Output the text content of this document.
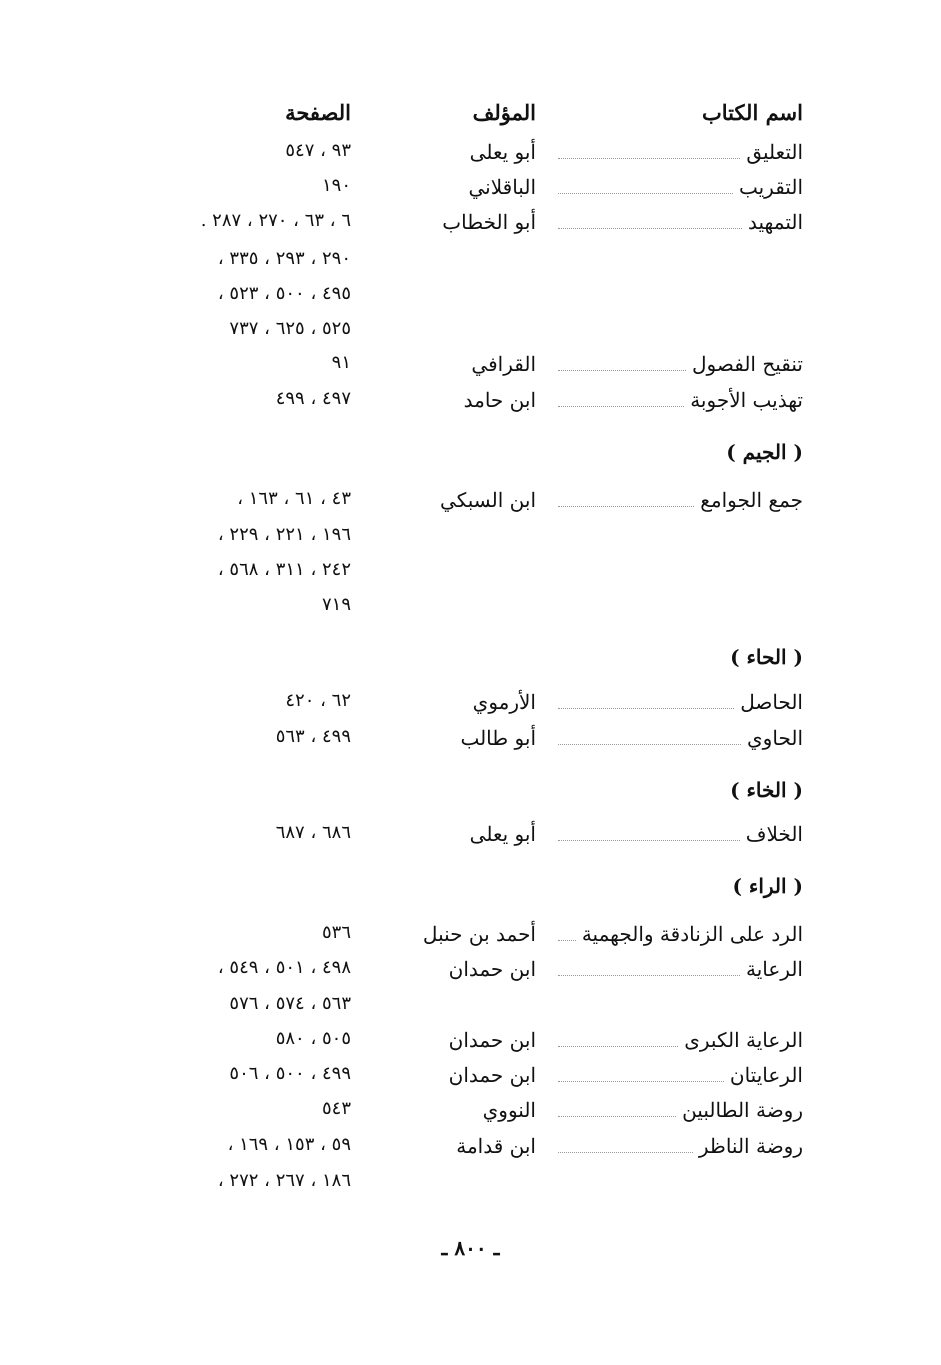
اسم الكتاب
المؤلف
الصفحة
التعليق
أبو يعلى
٩٣ ، ٥٤٧
التقريب
الباقلاني
١٩٠
التمهيد
أبو الخطاب
٦ ، ٦٣ ، ٢٧٠ ، ٢٨٧ .
٢٩٠ ، ٢٩٣ ، ٣٣٥ ،
٤٩٥ ، ٥٠٠ ، ٥٢٣ ،
٥٢٥ ، ٦٢٥ ، ٧٣٧
تنقيح الفصول
القرافي
٩١
تهذيب الأجوبة
ابن حامد
٤٩٧ ، ٤٩٩
( الجيم )
جمع الجوامع
ابن السبكي
٤٣ ، ٦١ ، ١٦٣ ،
١٩٦ ، ٢٢١ ، ٢٢٩ ،
٢٤٢ ، ٣١١ ، ٥٦٨ ،
٧١٩
( الحاء )
الحاصل
الأرموي
٦٢ ، ٤٢٠
الحاوي
أبو طالب
٤٩٩ ، ٥٦٣
( الخاء )
الخلاف
أبو يعلى
٦٨٦ ، ٦٨٧
( الراء )
الرد على الزنادقة والجهمية
أحمد بن حنبل
٥٣٦
الرعاية
ابن حمدان
٤٩٨ ، ٥٠١ ، ٥٤٩ ،
٥٦٣ ، ٥٧٤ ، ٥٧٦
الرعاية الكبرى
ابن حمدان
٥٠٥ ، ٥٨٠
الرعايتان
ابن حمدان
٤٩٩ ، ٥٠٠ ، ٥٠٦
روضة الطالبين
النووي
٥٤٣
روضة الناظر
ابن قدامة
٥٩ ، ١٥٣ ، ١٦٩ ،
١٨٦ ، ٢٦٧ ، ٢٧٢ ،
ـ ٨٠٠ ـ
